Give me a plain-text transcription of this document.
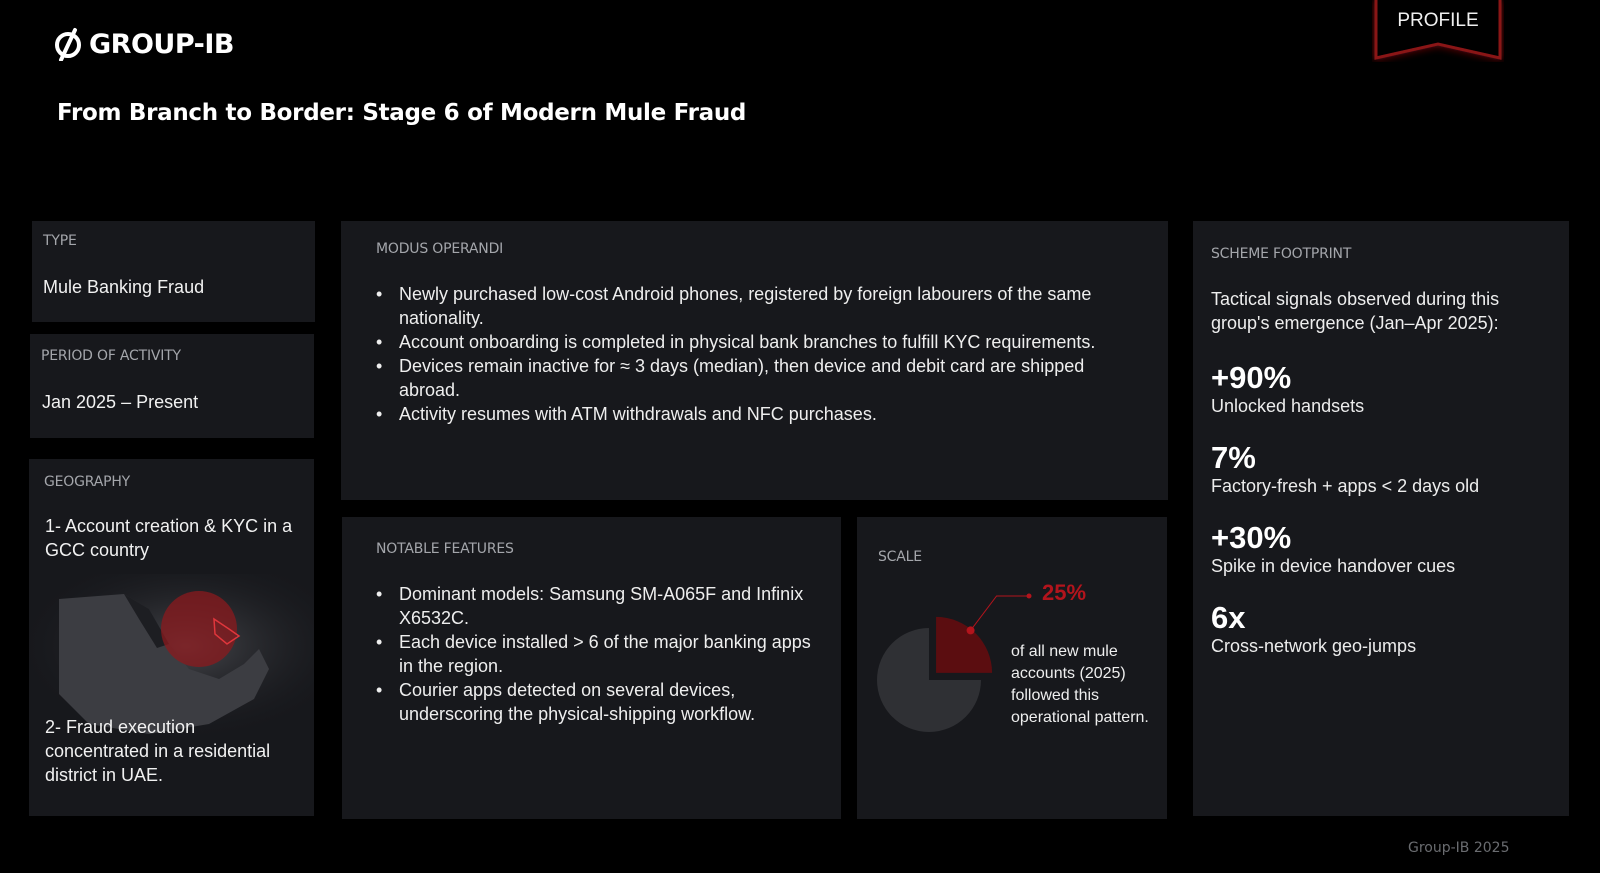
GROUP-IB
PROFILE
From Branch to Border: Stage 6 of Modern Mule Fraud
TYPE
Mule Banking Fraud
PERIOD OF ACTIVITY
Jan 2025 – Present
GEOGRAPHY
1- Account creation & KYC in a GCC country
2- Fraud execution concentrated in a residential district in UAE.
MODUS OPERANDI
• Newly purchased low-cost Android phones, registered by foreign labourers of the same nationality.
• Account onboarding is completed in physical bank branches to fulfill KYC requirements.
• Devices remain inactive for ≈ 3 days (median), then device and debit card are shipped abroad.
• Activity resumes with ATM withdrawals and NFC purchases.
NOTABLE FEATURES
• Dominant models: Samsung SM-A065F and Infinix X6532C.
• Each device installed > 6 of the major banking apps in the region.
• Courier apps detected on several devices, underscoring the physical-shipping workflow.
SCALE
25%
of all new mule accounts (2025) followed this operational pattern.
SCHEME FOOTPRINT
Tactical signals observed during this group's emergence (Jan–Apr 2025):
+90%
Unlocked handsets
7%
Factory-fresh + apps < 2 days old
+30%
Spike in device handover cues
6x
Cross-network geo-jumps
Group-IB 2025
